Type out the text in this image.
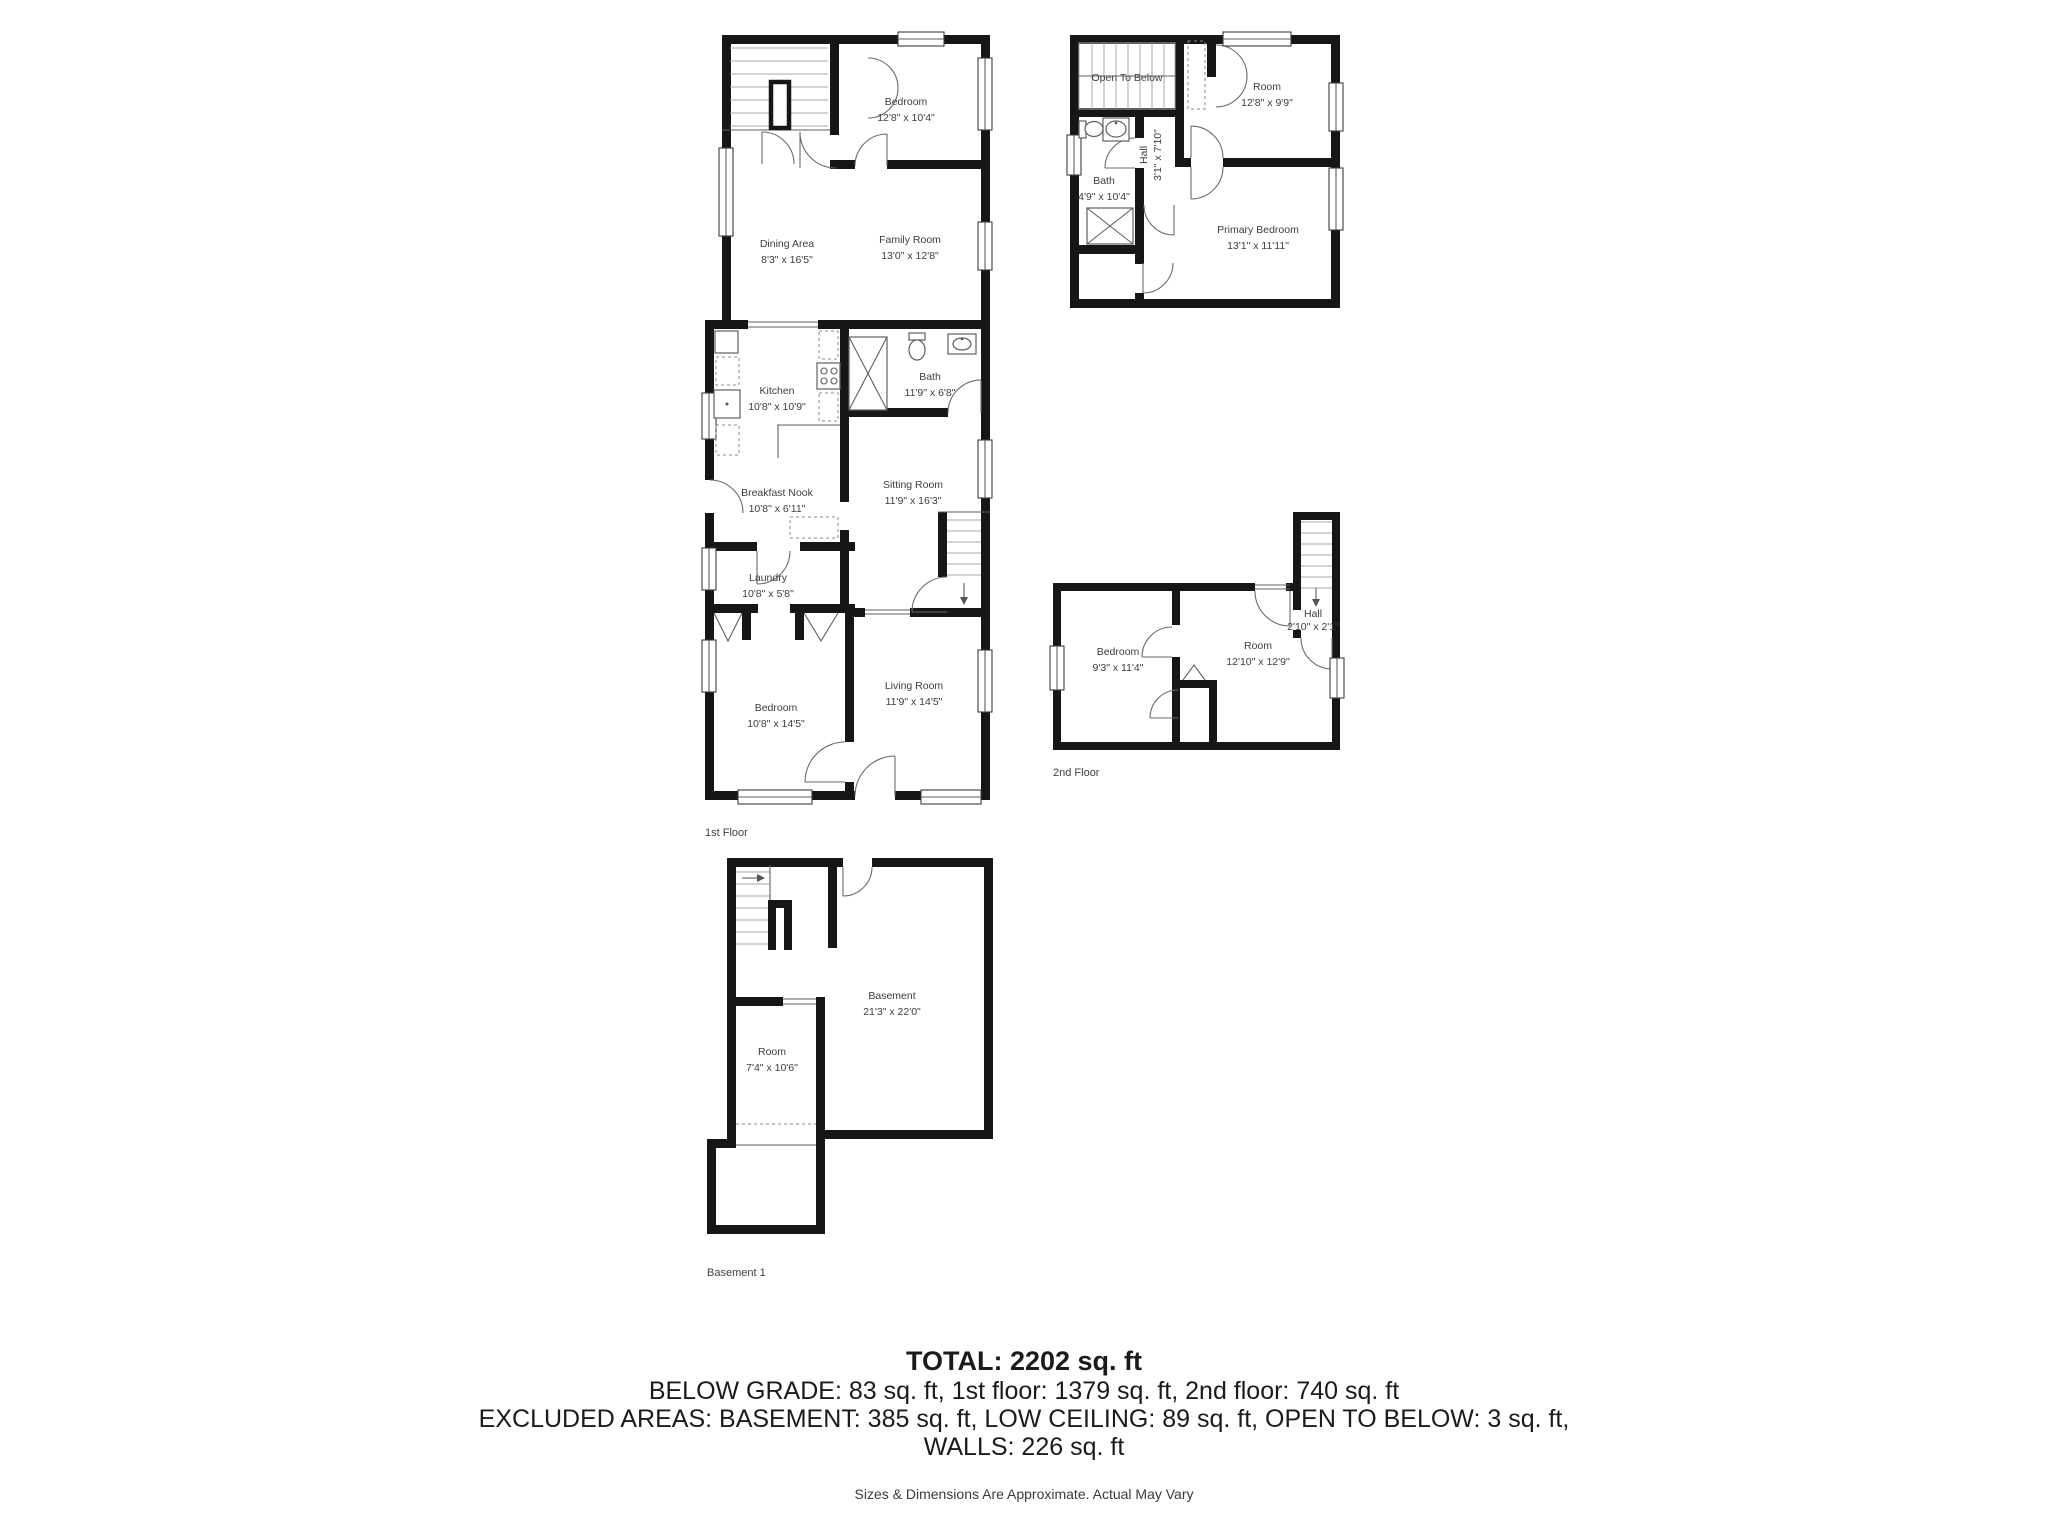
Bedroom
12'8" x 10'4"
Dining Area
8'3" x 16'5"
Family Room
13'0" x 12'8"
Kitchen
10'8" x 10'9"
Bath
11'9" x 6'8"
Sitting Room
11'9" x 16'3"
Breakfast Nook
10'8" x 6'11"
Laundry
10'8" x 5'8"
Bedroom
10'8" x 14'5"
Living Room
11'9" x 14'5"
1st Floor
Open To Below
Room
12'8" x 9'9"
Hall 3'1" x 7'10"
Bath
4'9" x 10'4"
Primary Bedroom
13'1" x 11'11"
Bedroom
9'3" x 11'4"
Room
12'10" x 12'9"
Hall
2'10" x 2'1"
2nd Floor
Basement
21'3" x 22'0"
Room
7'4" x 10'6"
Basement 1
TOTAL: 2202 sq. ft
BELOW GRADE: 83 sq. ft, 1st floor: 1379 sq. ft, 2nd floor: 740 sq. ft
EXCLUDED AREAS: BASEMENT: 385 sq. ft, LOW CEILING: 89 sq. ft, OPEN TO BELOW: 3 sq. ft,
WALLS: 226 sq. ft
Sizes & Dimensions Are Approximate. Actual May Vary
